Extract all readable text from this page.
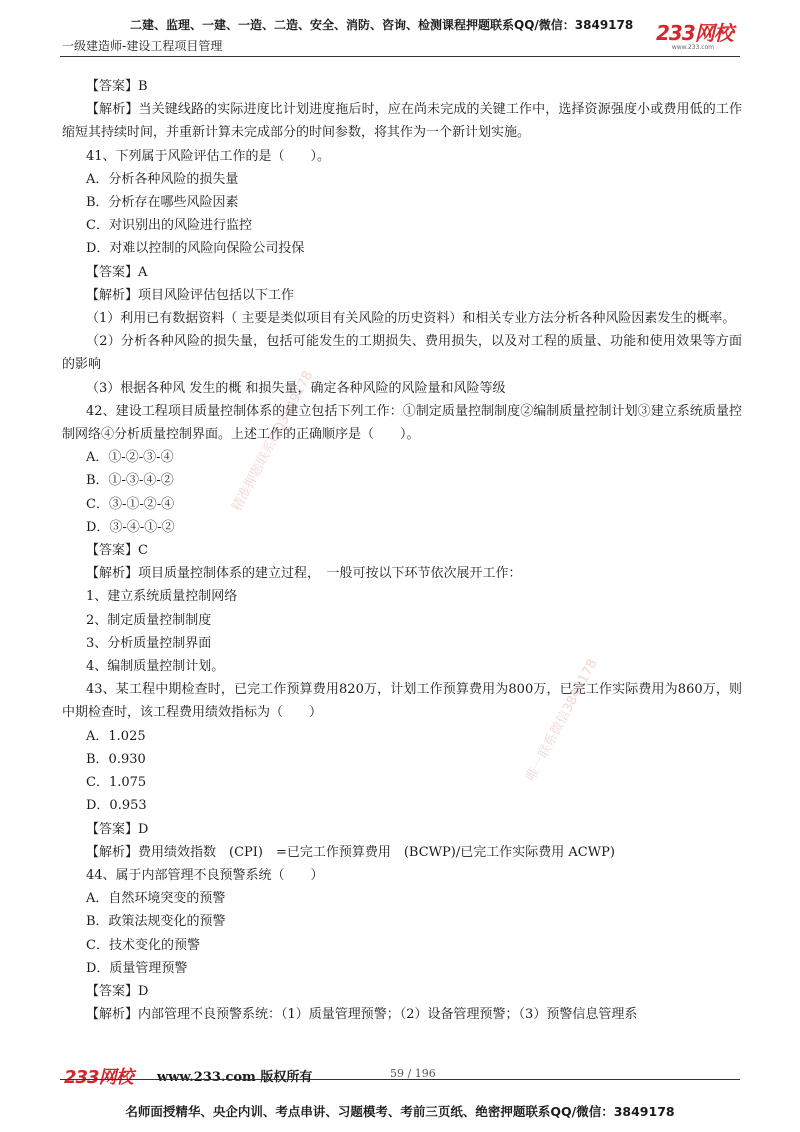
二建、监理、一建、一造、二造、安全、消防、咨询、检测课程押题联系QQ/微信：3849178
一级建造师-建设工程项目管理
233网校
www.233.com

【答案】B

【解析】当关键线路的实际进度比计划进度拖后时，应在尚未完成的关键工作中，选择资源强度小或费用低的工作缩短其持续时间，并重新计算未完成部分的时间参数，将其作为一个新计划实施。

41、下列属于风险评估工作的是（　　）。

A．分析各种风险的损失量

B．分析存在哪些风险因素

C．对识别出的风险进行监控

D．对难以控制的风险向保险公司投保

【答案】A

【解析】项目风险评估包括以下工作

（1）利用已有数据资料（ 主要是类似项目有关风险的历史资料）和相关专业方法分析各种风险因素发生的概率。

（2）分析各种风险的损失量，包括可能发生的工期损失、费用损失，以及对工程的质量、功能和使用效果等方面的影响

（3）根据各种风 发生的概 和损失量，确定各种风险的风险量和风险等级

42、建设工程项目质量控制体系的建立包括下列工作：①制定质量控制制度②编制质量控制计划③建立系统质量控制网络④分析质量控制界面。上述工作的正确顺序是（　　）。

A．①-②-③-④

B．①-③-④-②

C．③-①-②-④

D．③-④-①-②

【答案】C

【解析】项目质量控制体系的建立过程，　一般可按以下环节依次展开工作：

1、建立系统质量控制网络

2、制定质量控制制度

3、分析质量控制界面

4、编制质量控制计划。

43、某工程中期检查时，已完工作预算费用820万，计划工作预算费用为800万，已完工作实际费用为860万，则中期检查时，该工程费用绩效指标为（　　）

A．1.025

B．0.930

C．1.075

D．0.953

【答案】D

【解析】费用绩效指数　(CPI)　=已完工作预算费用　(BCWP)/已完工作实际费用 ACWP)

44、属于内部管理不良预警系统（　　）

A．自然环境突变的预警

B．政策法规变化的预警

C．技术变化的预警

D．质量管理预警

【答案】D

【解析】内部管理不良预警系统：（1）质量管理预警；（2）设备管理预警；（3）预警信息管理系

精准押题联系QQ3849178
唯一联系微信3849178
233网校 www.233.com 版权所有	59 / 196
名师面授精华、央企内训、考点串讲、习题模考、考前三页纸、绝密押题联系QQ/微信：3849178
